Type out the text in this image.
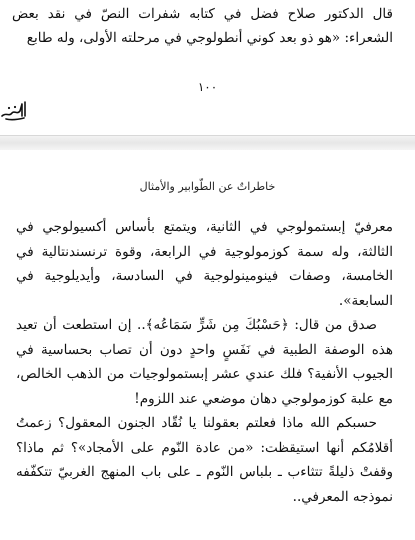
قال الدكتور صلاح فضل في كتابه شفرات النصّ في نقد بعض الشعراء: «هو ذو بعد كوني أنطولوجي في مرحلته الأولى، وله طابع

١٠٠
خاطراتٌ عن الطّوابير والأمثال

معرفيّ إبستمولوجي في الثانية، ويتمتع بأساس أكسيولوجي في الثالثة، وله سمة كوزمولوجية في الرابعة، وقوة ترنسندنتالية في الخامسة، وصفات فينومينولوجية في السادسة، وأيديلوجية في السابعة».

صدق من قال: ﴿حَسْبُكَ مِن شَرٍّ سَمَاعُه﴾.. إن استطعت أن تعيد هذه الوصفة الطبية في نَفَسٍ واحدٍ دون أن تصاب بحساسية في الجيوب الأنفية؟ فلك عندي عشر إبستمولوجيات من الذهب الخالص، مع علبة كوزمولوجي دهان موضعي عند اللزوم!

حسبكم الله ماذا فعلتم بعقولنا يا نُقّاد الجنون المعقول؟ زعمتُ أقلامُكم أنها استيقظت: «من عادة النّوم على الأمجاد»؟ ثم ماذا؟ وقفتْ ذليلةً تتثاءب ـ بلباس النّوم ـ على باب المنهج الغربيّ تتكفّفه نموذجه المعرفي..
